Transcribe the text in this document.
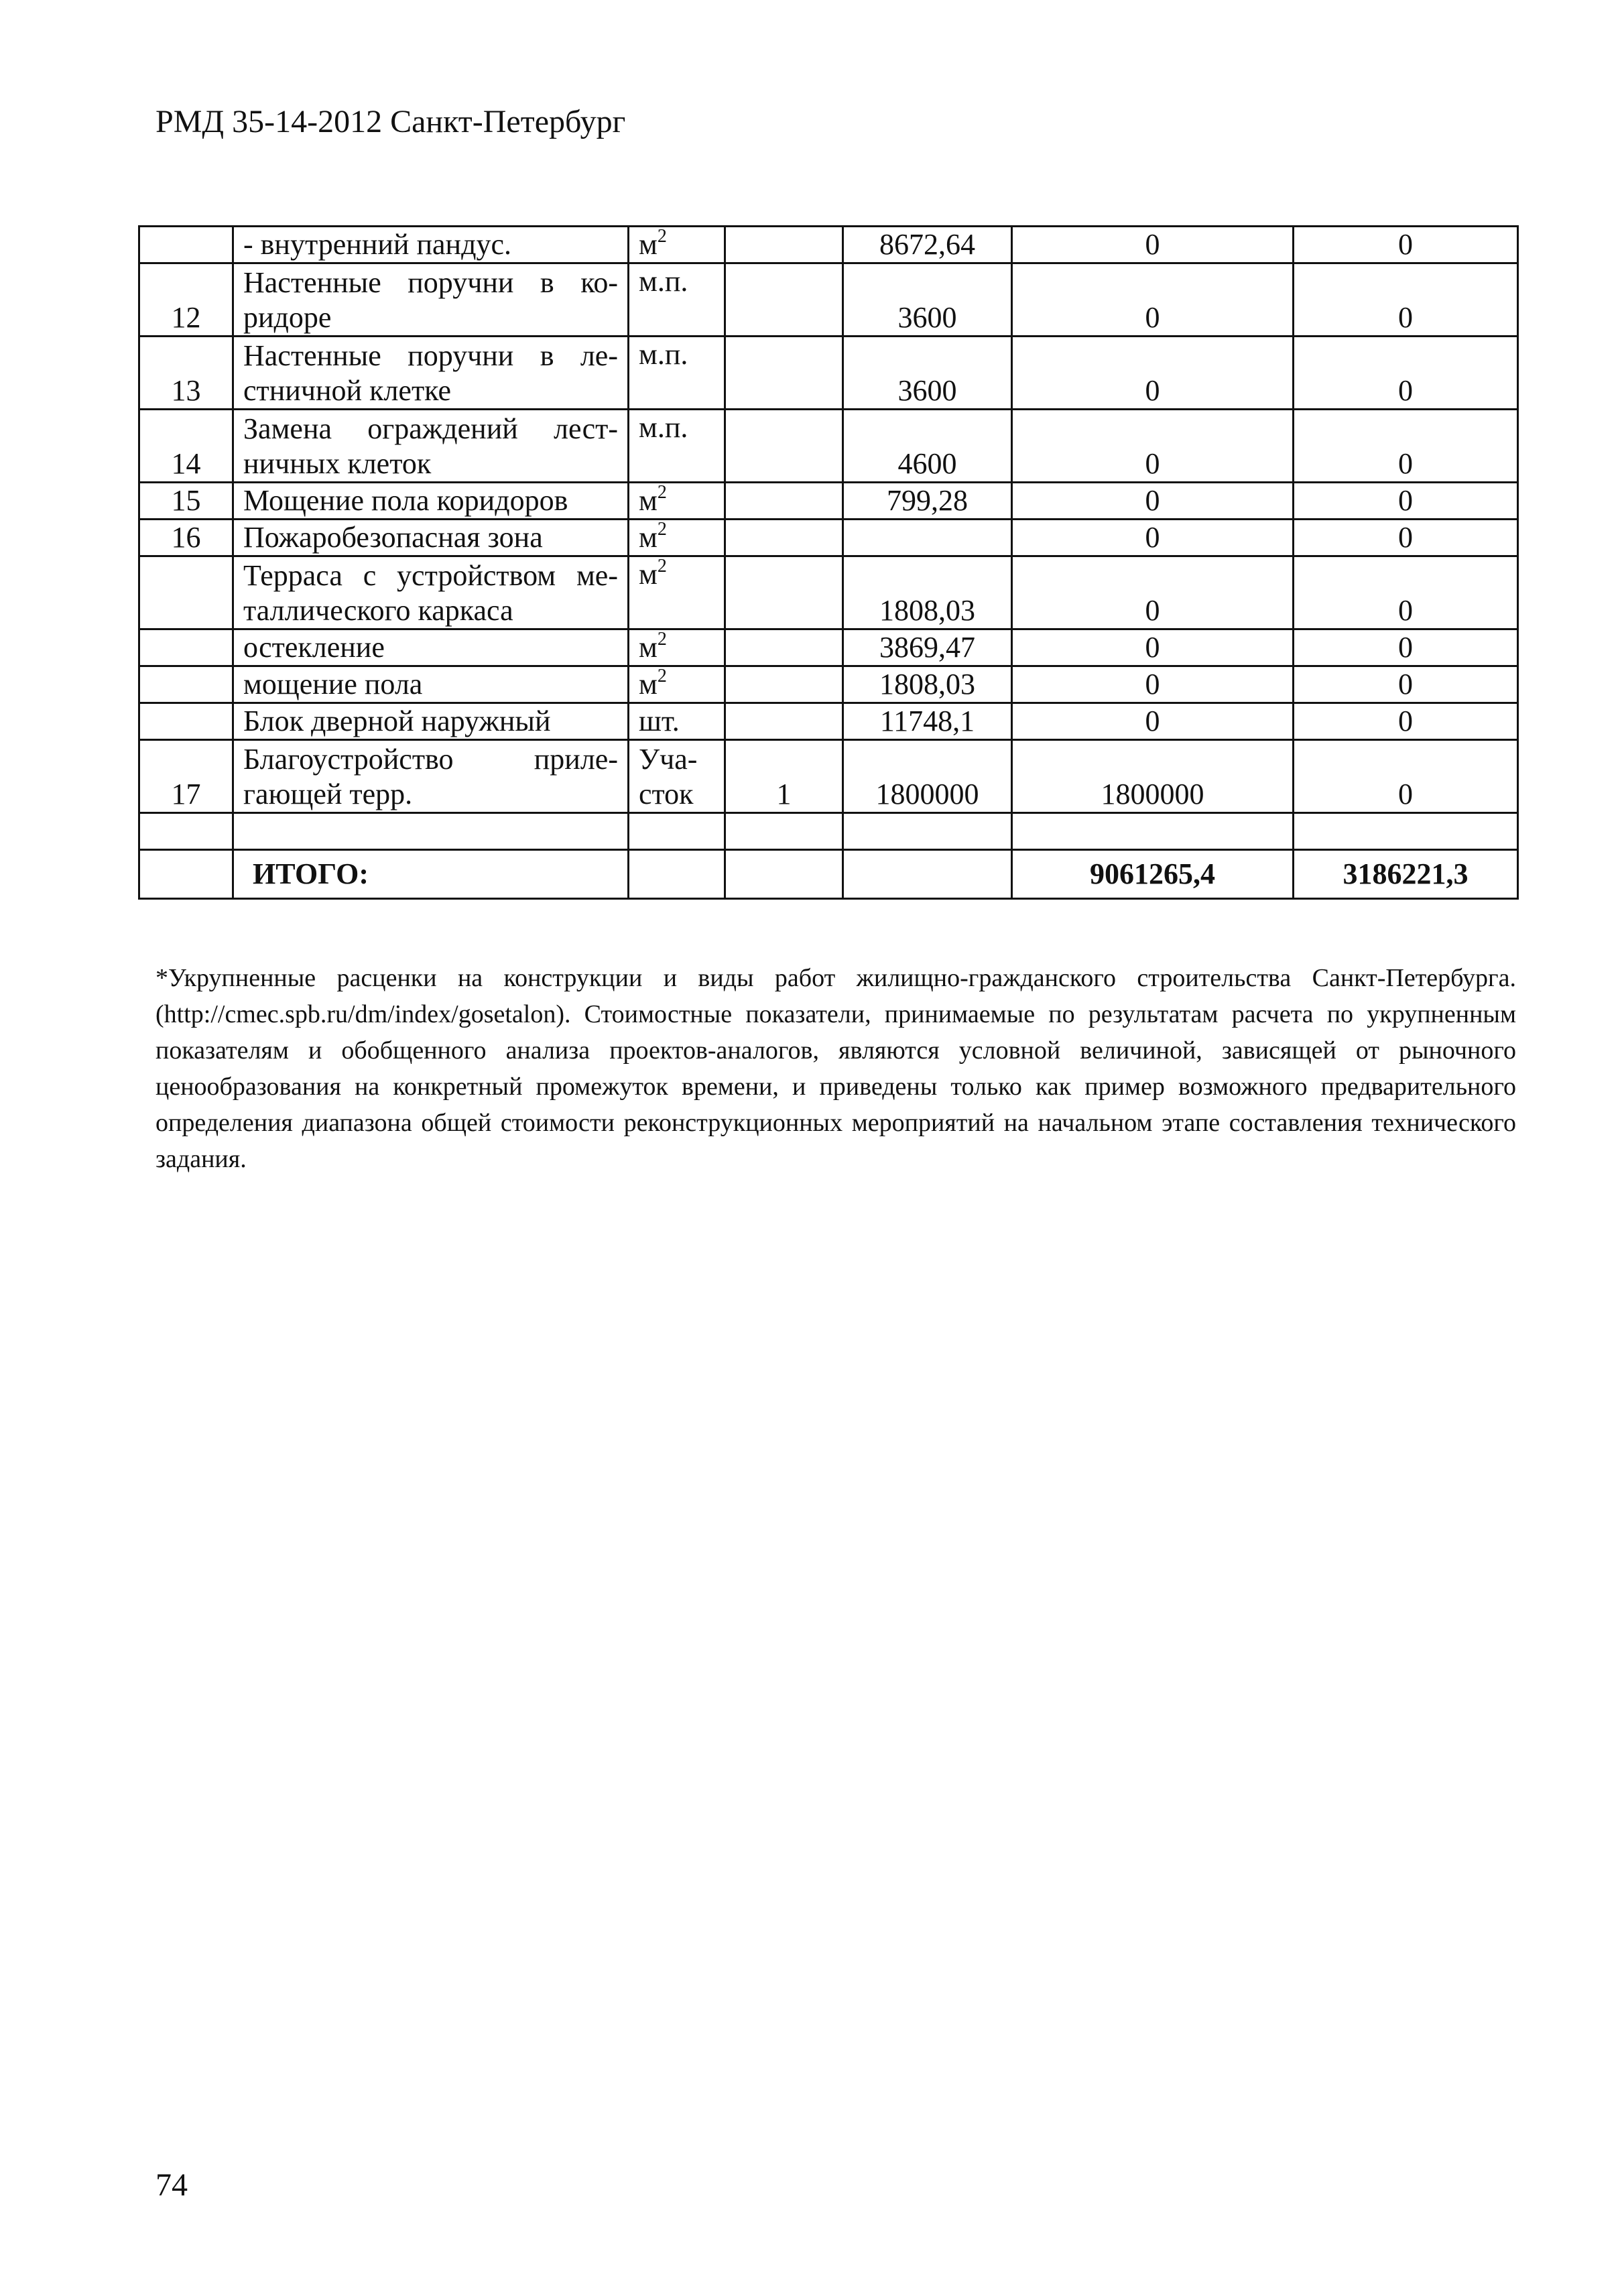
РМД 35-14-2012 Санкт-Петербург

	- внутренний пандус.	$м^2$		8672,64	0	0
12	Настенные поручни в ко-
ридоре	м.п.		3600	0	0
13	Настенные поручни в ле-
стничной клетке	м.п.		3600	0	0
14	Замена ограждений лест-
ничных клеток	м.п.		4600	0	0
15	Мощение пола коридоров	$м^2$		799,28	0	0
16	Пожаробезопасная зона	$м^2$			0	0

	Терраса с устройством ме-
таллического каркаса	$м^2$		1808,03	0	0

	остекление	$м^2$		3869,47	0	0

	мощение пола	$м^2$		1808,03	0	0

	Блок дверной наружный	шт.		11748,1	0	0
17	Благоустройство приле-
гающей терр.	Уча-
сток	1	1800000	1800000	0

	ИТОГО:				9061265,4	3186221,3
*Укрупненные расценки на конструкции и виды работ жилищно-гражданского строительства Санкт-Петербурга. (http://cmec.spb.ru/dm/index/gosetalon). Стоимостные показатели, принимаемые по результатам расчета по укрупненным показателям и обобщенного анализа проектов-аналогов, являются условной величиной, зависящей от рыночного ценообразования на конкретный промежуток времени, и приведены только как пример возможного предварительного определения диапазона общей стоимости реконструкционных мероприятий на начальном этапе составления технического задания.
74
